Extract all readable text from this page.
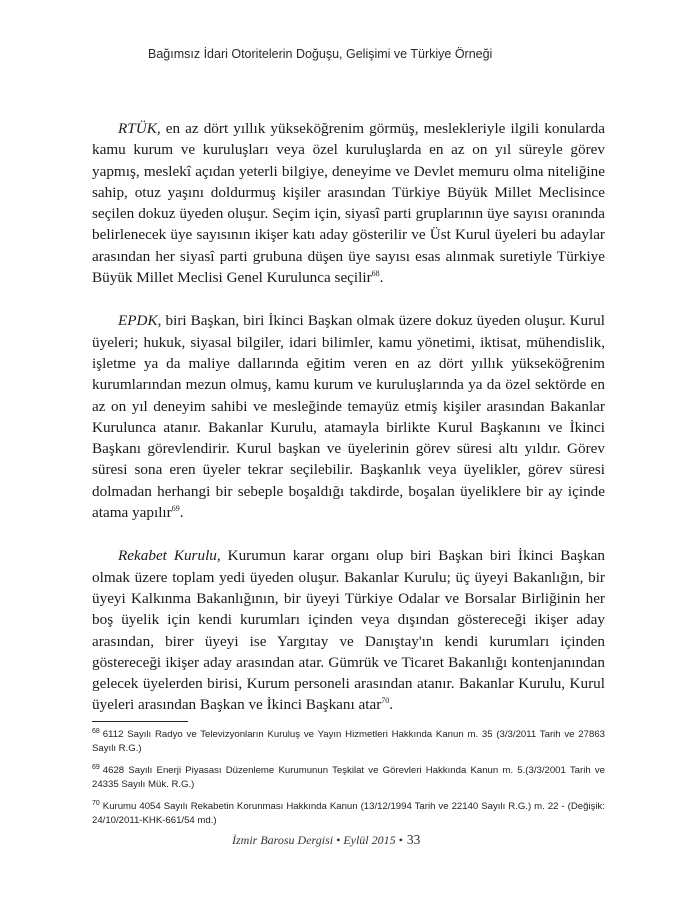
Bağımsız İdari Otoritelerin Doğuşu, Gelişimi ve Türkiye Örneği

RTÜK, en az dört yıllık yükseköğrenim görmüş, meslekleriyle ilgili konularda kamu kurum ve kuruluşları veya özel kuruluşlarda en az on yıl süreyle görev yapmış, meslekî açıdan yeterli bilgiye, deneyime ve Devlet memuru olma niteliğine sahip, otuz yaşını doldurmuş kişiler arasından Türkiye Büyük Millet Meclisince seçilen dokuz üyeden oluşur. Seçim için, siyasî parti gruplarının üye sayısı oranında belirlenecek üye sayısının ikişer katı aday gösterilir ve Üst Kurul üyeleri bu adaylar arasından her siyasî parti grubuna düşen üye sayısı esas alınmak suretiyle Türkiye Büyük Millet Meclisi Genel Kurulunca seçilir$^{68}$.

EPDK, biri Başkan, biri İkinci Başkan olmak üzere dokuz üyeden oluşur. Kurul üyeleri; hukuk, siyasal bilgiler, idari bilimler, kamu yönetimi, iktisat, mühendislik, işletme ya da maliye dallarında eğitim veren en az dört yıllık yükseköğrenim kurumlarından mezun olmuş, kamu kurum ve kuruluşlarında ya da özel sektörde en az on yıl deneyim sahibi ve mesleğinde temayüz etmiş kişiler arasından Bakanlar Kurulunca atanır. Bakanlar Kurulu, atamayla birlikte Kurul Başkanını ve İkinci Başkanı görevlendirir. Kurul başkan ve üyelerinin görev süresi altı yıldır. Görev süresi sona eren üyeler tekrar seçilebilir. Başkanlık veya üyelikler, görev süresi dolmadan herhangi bir sebeple boşaldığı takdirde, boşalan üyeliklere bir ay içinde atama yapılır$^{69}$.

Rekabet Kurulu, Kurumun karar organı olup biri Başkan biri İkinci Başkan olmak üzere toplam yedi üyeden oluşur. Bakanlar Kurulu; üç üyeyi Bakanlığın, bir üyeyi Kalkınma Bakanlığının, bir üyeyi Türkiye Odalar ve Borsalar Birliğinin her boş üyelik için kendi kurumları içinden veya dışından göstereceği ikişer aday arasından, birer üyeyi ise Yargıtay ve Danıştay'ın kendi kurumları içinden göstereceği ikişer aday arasından atar. Gümrük ve Ticaret Bakanlığı kontenjanından gelecek üyelerden birisi, Kurum personeli arasından atanır. Bakanlar Kurulu, Kurul üyeleri arasından Başkan ve İkinci Başkanı atar$^{70}$.

$^{68}$ 6112 Sayılı Radyo ve Televizyonların Kuruluş ve Yayın Hizmetleri Hakkında Kanun m. 35 (3/3/2011 Tarih ve 27863 Sayılı R.G.)

$^{69}$ 4628 Sayılı Enerji Piyasası Düzenleme Kurumunun Teşkilat ve Görevleri Hakkında Kanun m. 5.(3/3/2001 Tarih ve 24335 Sayılı Mük. R.G.)

$^{70}$ Kurumu 4054 Sayılı Rekabetin Korunması Hakkında Kanun (13/12/1994 Tarih ve 22140 Sayılı R.G.) m. 22 - (Değişik: 24/10/2011-KHK-661/54 md.)

İzmir Barosu Dergisi • Eylül 2015 • 33
